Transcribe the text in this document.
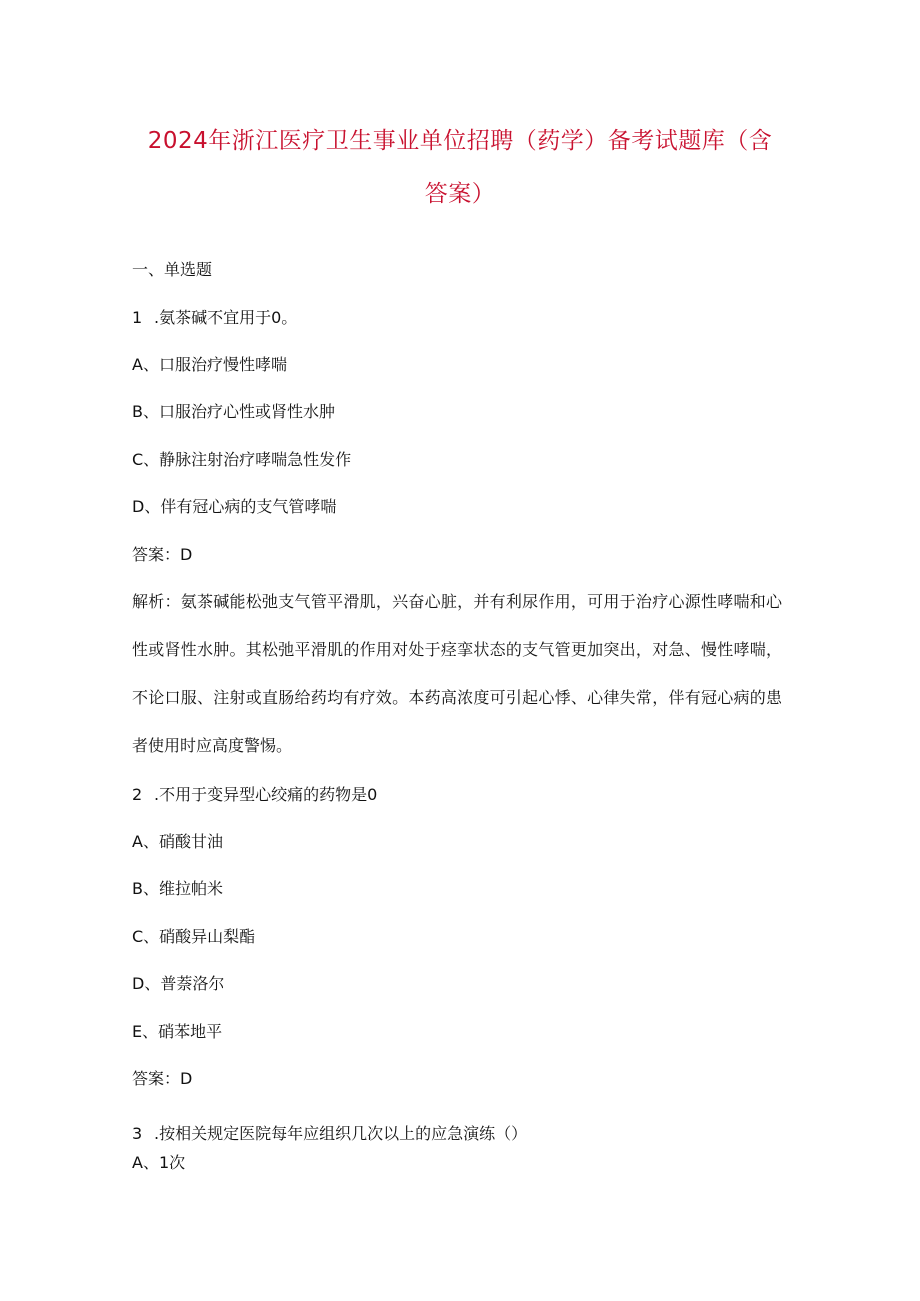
2024年浙江医疗卫生事业单位招聘（药学）备考试题库（含
答案）
一、单选题
1 .氨茶碱不宜用于0。
A、口服治疗慢性哮喘
B、口服治疗心性或肾性水肿
C、静脉注射治疗哮喘急性发作
D、伴有冠心病的支气管哮喘
答案：D
解析：氨茶碱能松弛支气管平滑肌，兴奋心脏，并有利尿作用，可用于治疗心源性哮喘和心性或肾性水肿。其松弛平滑肌的作用对处于痉挛状态的支气管更加突出，对急、慢性哮喘，不论口服、注射或直肠给药均有疗效。本药高浓度可引起心悸、心律失常，伴有冠心病的患者使用时应高度警惕。
2 .不用于变异型心绞痛的药物是0
A、硝酸甘油
B、维拉帕米
C、硝酸异山梨酯
D、普萘洛尔
E、硝苯地平
答案：D
3 .按相关规定医院每年应组织几次以上的应急演练（）
A、1次
